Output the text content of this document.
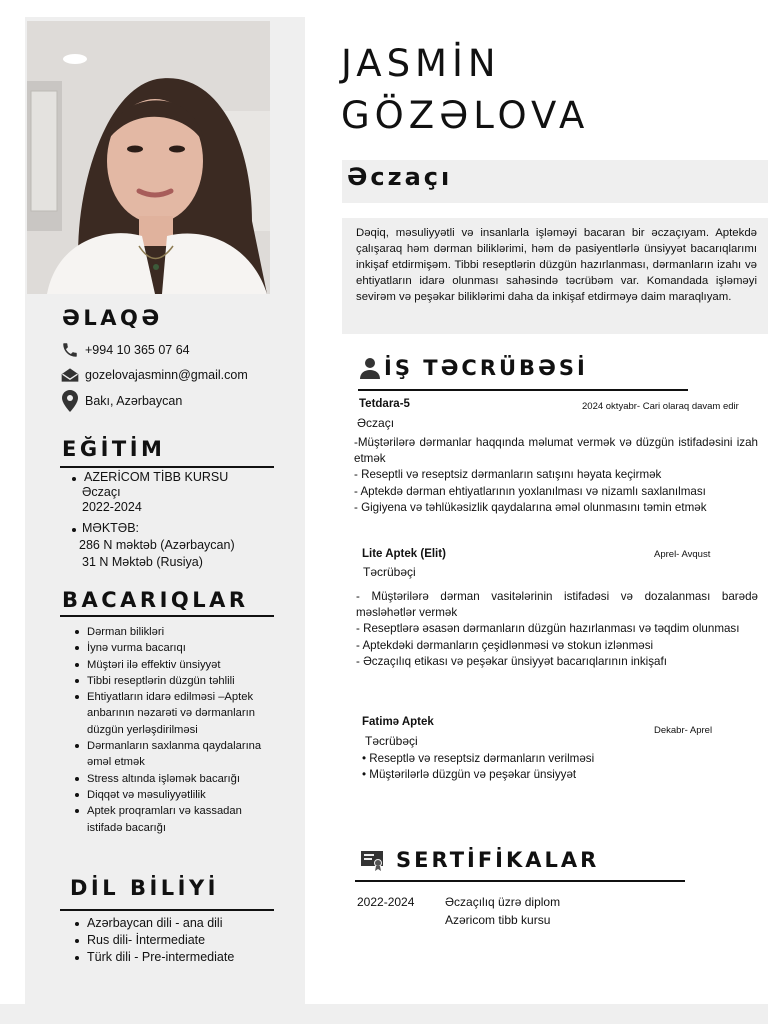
ƏLAQƏ
+994 10 365 07 64
gozelovajasminn@gmail.com
Bakı, Azərbaycan
EĞİTİM
AZERİCOM TİBB KURSU
Əczaçı
2022-2024
MƏKTƏB:
286 N məktəb (Azərbaycan)
31 N Məktəb (Rusiya)
BACARIQLAR
Dərman bilikləri
İynə vurma bacarıqı
Müştəri ilə effektiv ünsiyyət
Tibbi reseptlərin düzgün təhlili
Ehtiyatların idarə edilməsi –Aptek anbarının nəzarəti və dərmanların düzgün yerləşdirilməsi
Dərmanların saxlanma qaydalarına əməl etmək
Stress altında işləmək bacarığı
Diqqət və məsuliyyətlilik
Aptek proqramları və kassadan istifadə bacarığı
DİL BİLİYİ
Azərbaycan dili - ana dili
Rus dili- İntermediate
Türk dili - Pre-intermediate
JASMİN
GÖZƏLOVA
Əczaçı

Dəqiq, məsuliyyətli və insanlarla işləməyi bacaran bir əczaçıyam. Aptekdə çalışaraq həm dərman biliklərimi, həm də pasiyentlərlə ünsiyyət bacarıqlarımı inkişaf etdirmişəm. Tibbi reseptlərin düzgün hazırlanması, dərmanların izahı və ehtiyatların idarə olunması sahəsində təcrübəm var. Komandada işləməyi sevirəm və peşəkar biliklərimi daha da inkişaf etdirməyə daim maraqlıyam.

İŞ TƏCRÜBƏSİ
Tetdara-5	2024 oktyabr- Cari olaraq davam edir
Əczaçı
-Müştərilərə dərmanlar haqqında məlumat vermək və düzgün istifadəsini izah etmək
- Reseptli və reseptsiz dərmanların satışını həyata keçirmək
- Aptekdə dərman ehtiyatlarının yoxlanılması və nizamlı saxlanılması
- Gigiyena və təhlükəsizlik qaydalarına əməl olunmasını təmin etmək
Lite Aptek (Elit)	Aprel- Avqust
Təcrübəçi
- Müştərilərə dərman vasitələrinin istifadəsi və dozalanması barədə məsləhətlər vermək
- Reseptlərə əsasən dərmanların düzgün hazırlanması və təqdim olunması
- Aptekdəki dərmanların çeşidlənməsi və stokun izlənməsi
- Əczaçılıq etikası və peşəkar ünsiyyət bacarıqlarının inkişafı
Fatimə Aptek
Dekabr- Aprel
Təcrübəçi
• Reseptlə və reseptsiz dərmanların verilməsi
• Müştərilərlə düzgün və peşəkar ünsiyyət
SERTİFİKALAR
2022-2024	Əczaçılıq üzrə diplom
Azəricom tibb kursu
